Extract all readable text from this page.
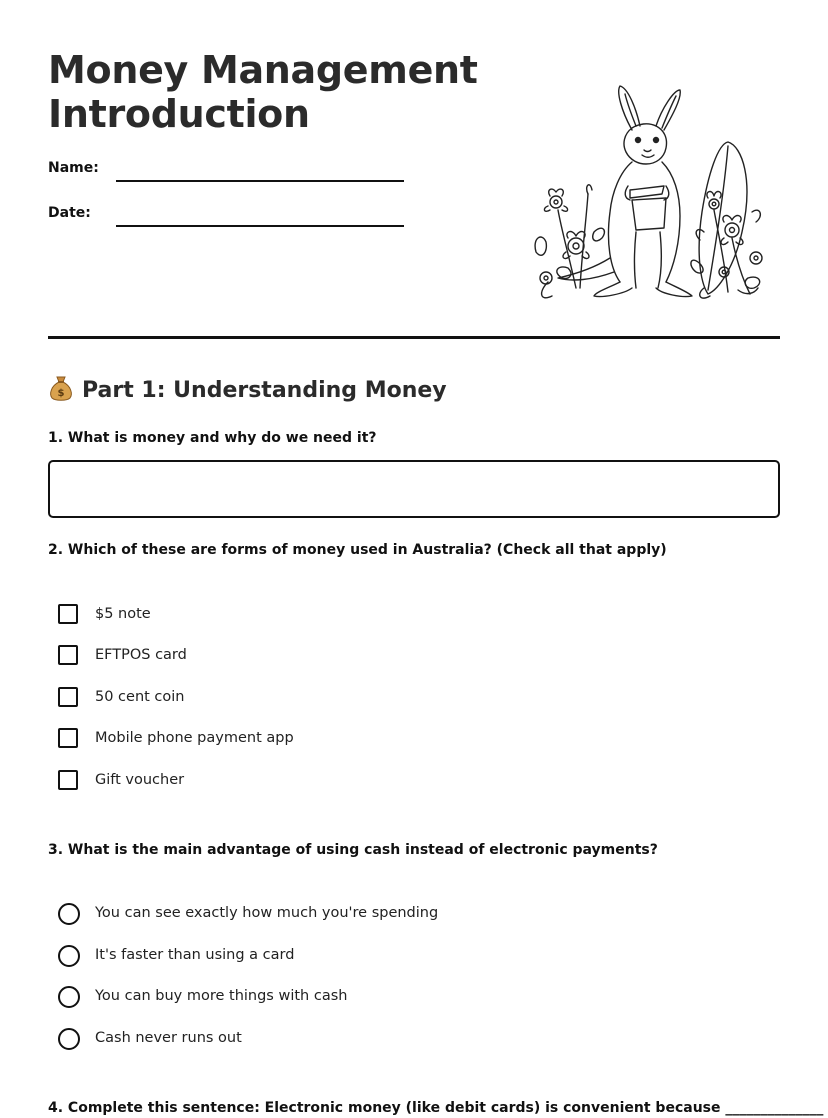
Money Management
Introduction
Name:
Date:
$ Part 1: Understanding Money
1. What is money and why do we need it?
2. Which of these are forms of money used in Australia? (Check all that apply)
$5 note
EFTPOS card
50 cent coin
Mobile phone payment app
Gift voucher
3. What is the main advantage of using cash instead of electronic payments?
You can see exactly how much you're spending
It's faster than using a card
You can buy more things with cash
Cash never runs out
4. Complete this sentence: Electronic money (like debit cards) is convenient because ______________
